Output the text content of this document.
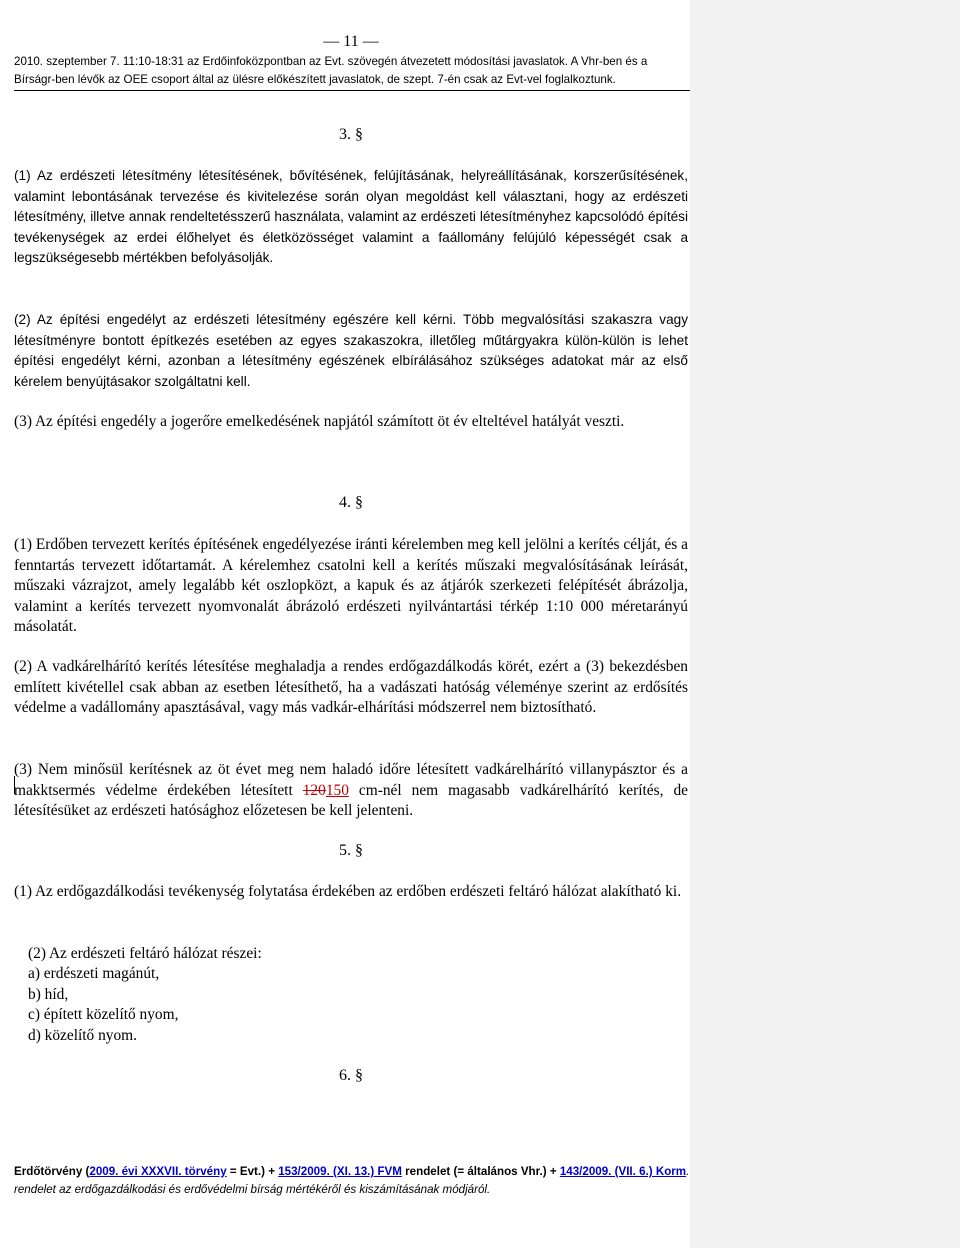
— 11 —
2010. szeptember 7. 11:10-18:31 az Erdőinfoközpontban az Evt. szövegén átvezetett módosítási javaslatok. A Vhr-ben és a
Bírságr-ben lévők az OEE csoport által az ülésre előkészített javaslatok, de szept. 7-én csak az Evt-vel foglalkoztunk.
3. §
(1) Az erdészeti létesítmény létesítésének, bővítésének, felújításának, helyreállításának, korszerűsítésének, valamint lebontásának tervezése és kivitelezése során olyan megoldást kell választani, hogy az erdészeti létesítmény, illetve annak rendeltetésszerű használata, valamint az erdészeti létesítményhez kapcsolódó építési tevékenységek az erdei élőhelyet és életközösséget valamint a faállomány felújúló képességét csak a legszükségesebb mértékben befolyásolják.
(2) Az építési engedélyt az erdészeti létesítmény egészére kell kérni. Több megvalósítási szakaszra vagy létesítményre bontott építkezés esetében az egyes szakaszokra, illetőleg műtárgyakra külön-külön is lehet építési engedélyt kérni, azonban a létesítmény egészének elbírálásához szükséges adatokat már az első kérelem benyújtásakor szolgáltatni kell.
(3) Az építési engedély a jogerőre emelkedésének napjától számított öt év elteltével hatályát veszti.
4. §
(1) Erdőben tervezett kerítés építésének engedélyezése iránti kérelemben meg kell jelölni a kerítés célját, és a fenntartás tervezett időtartamát. A kérelemhez csatolni kell a kerítés műszaki megvalósításának leírását, műszaki vázrajzot, amely legalább két oszlopközt, a kapuk és az átjárók szerkezeti felépítését ábrázolja, valamint a kerítés tervezett nyomvonalát ábrázoló erdészeti nyilvántartási térkép 1:10 000 méretarányú másolatát.
(2) A vadkárelhárító kerítés létesítése meghaladja a rendes erdőgazdálkodás körét, ezért a (3) bekezdésben említett kivétellel csak abban az esetben létesíthető, ha a vadászati hatóság véleménye szerint az erdősítés védelme a vadállomány apasztásával, vagy más vadkár-elhárítási módszerrel nem biztosítható.
(3) Nem minősül kerítésnek az öt évet meg nem haladó időre létesített vadkárelhárító villanypásztor és a makktsermés védelme érdekében létesített 120150 cm-nél nem magasabb vadkárelhárító kerítés, de létesítésüket az erdészeti hatósághoz előzetesen be kell jelenteni.
5. §
(1) Az erdőgazdálkodási tevékenység folytatása érdekében az erdőben erdészeti feltáró hálózat alakítható ki.
(2) Az erdészeti feltáró hálózat részei:
a) erdészeti magánút,
b) híd,
c) épített közelítő nyom,
d) közelítő nyom.
6. §
Erdőtörvény (2009. évi XXXVII. törvény = Evt.) + 153/2009. (XI. 13.) FVM rendelet (= általános Vhr.) + 143/2009. (VII. 6.) Korm. rendelet az erdőgazdálkodási és erdővédelmi bírság mértékéről és kiszámításának módjáról.
